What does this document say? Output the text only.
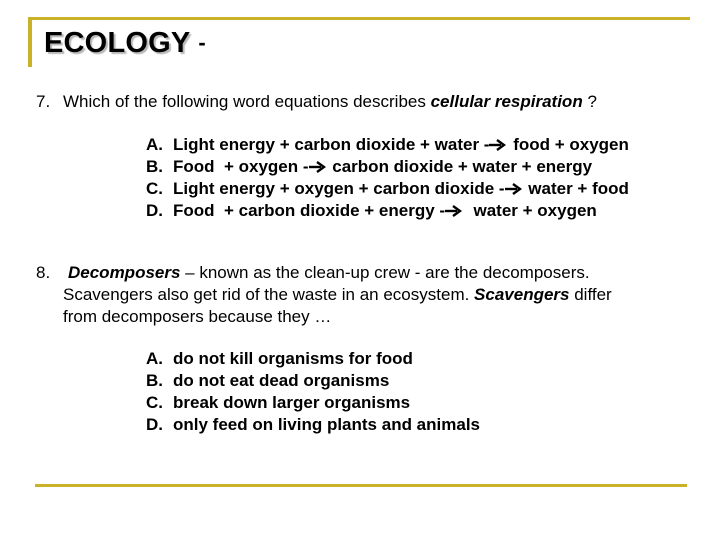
ECOLOGY -
7. Which of the following word equations describes cellular respiration ?
A. Light energy + carbon dioxide + water - food + oxygen
B. Food  + oxygen - carbon dioxide + water + energy
C. Light energy + oxygen + carbon dioxide - water + food
D. Food  + carbon dioxide + energy -  water + oxygen
8. Decomposers – known as the clean-up crew - are the decomposers.
Scavengers also get rid of the waste in an ecosystem. Scavengers differ
from decomposers because they …
A. do not kill organisms for food
B. do not eat dead organisms
C. break down larger organisms
D. only feed on living plants and animals
